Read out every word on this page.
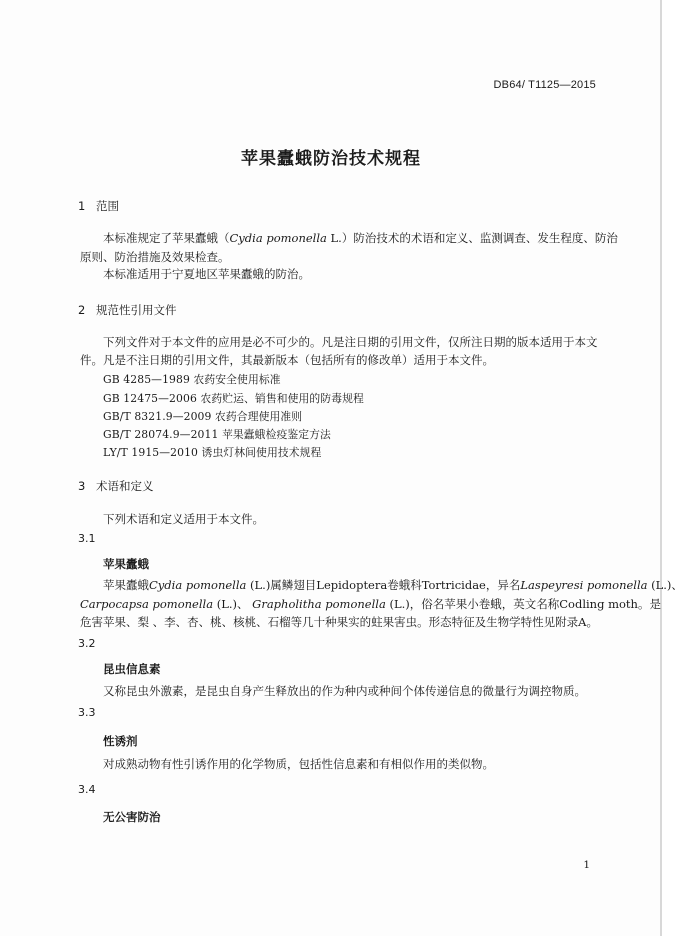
DB64/ T1125—2015
苹果蠹蛾防治技术规程
1 范围
本标准规定了苹果蠹蛾（Cydia pomonella L.）防治技术的术语和定义、监测调查、发生程度、防治
原则、防治措施及效果检查。
本标准适用于宁夏地区苹果蠹蛾的防治。
2 规范性引用文件
下列文件对于本文件的应用是必不可少的。凡是注日期的引用文件，仅所注日期的版本适用于本文
件。凡是不注日期的引用文件，其最新版本（包括所有的修改单）适用于本文件。
GB 4285—1989 农药安全使用标准
GB 12475—2006 农药贮运、销售和使用的防毒规程
GB/T 8321.9—2009 农药合理使用准则
GB/T 28074.9—2011 苹果蠹蛾检疫鉴定方法
LY/T 1915—2010 诱虫灯林间使用技术规程
3 术语和定义
下列术语和定义适用于本文件。
3.1
苹果蠹蛾
苹果蠹蛾Cydia pomonella (L.)属鳞翅目Lepidoptera卷蛾科Tortricidae，异名Laspeyresi pomonella (L.)、
Carpocapsa pomonella (L.)、 Grapholitha pomonella (L.)，俗名苹果小卷蛾，英文名称Codling moth。是
危害苹果、梨 、李、杏、桃、核桃、石榴等几十种果实的蛀果害虫。形态特征及生物学特性见附录A。
3.2
昆虫信息素
又称昆虫外激素，是昆虫自身产生释放出的作为种内或种间个体传递信息的微量行为调控物质。
3.3
性诱剂
对成熟动物有性引诱作用的化学物质，包括性信息素和有相似作用的类似物。
3.4
无公害防治
1
